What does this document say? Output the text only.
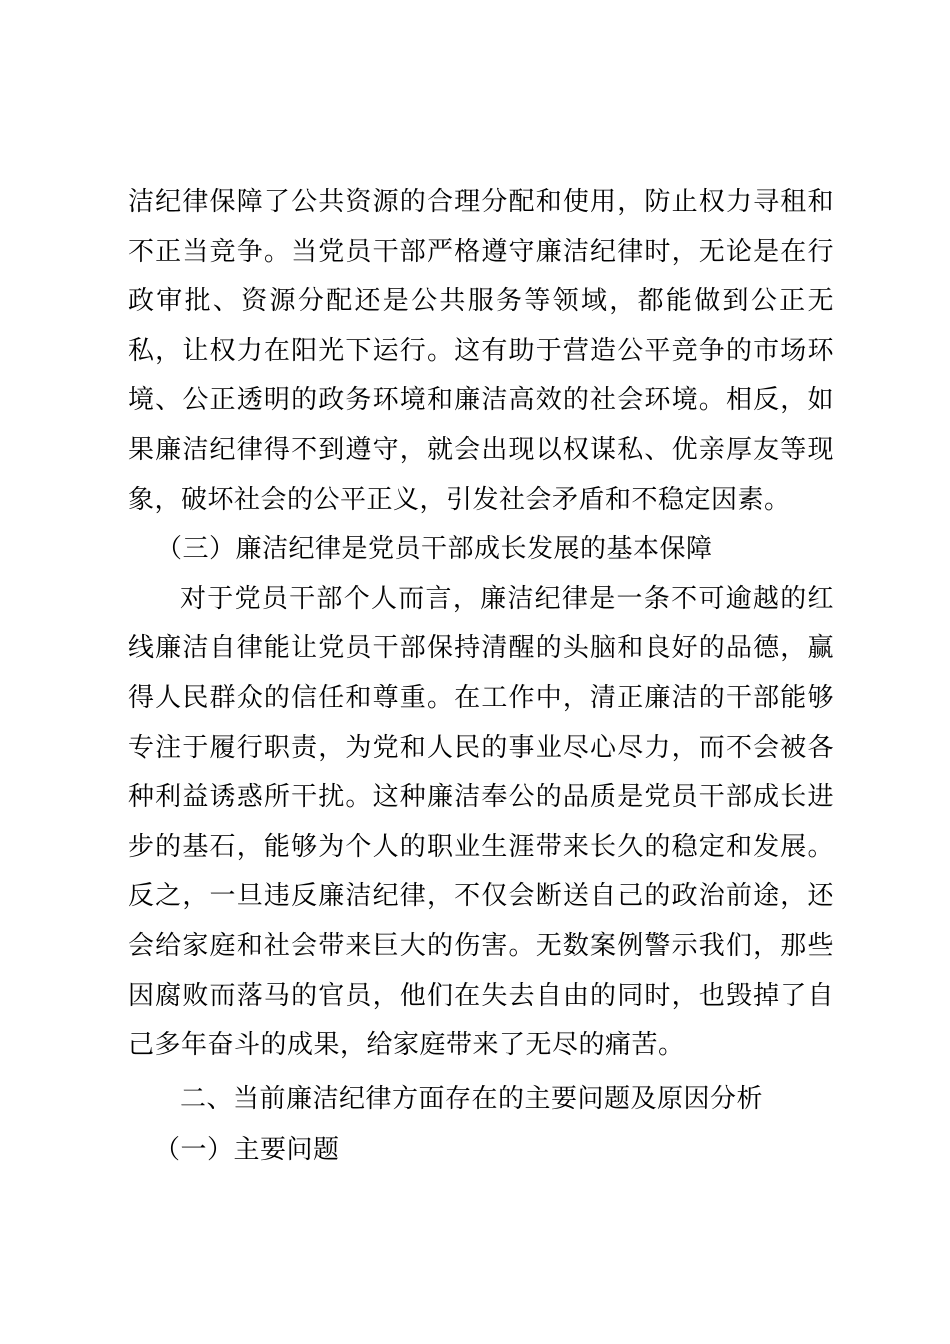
洁纪律保障了公共资源的合理分配和使用，防止权力寻租和不正当竞争。当党员干部严格遵守廉洁纪律时，无论是在行政审批、资源分配还是公共服务等领域，都能做到公正无私，让权力在阳光下运行。这有助于营造公平竞争的市场环境、公正透明的政务环境和廉洁高效的社会环境。相反，如果廉洁纪律得不到遵守，就会出现以权谋私、优亲厚友等现象，破坏社会的公平正义，引发社会矛盾和不稳定因素。

（三）廉洁纪律是党员干部成长发展的基本保障

对于党员干部个人而言，廉洁纪律是一条不可逾越的红线廉洁自律能让党员干部保持清醒的头脑和良好的品德，赢得人民群众的信任和尊重。在工作中，清正廉洁的干部能够专注于履行职责，为党和人民的事业尽心尽力，而不会被各种利益诱惑所干扰。这种廉洁奉公的品质是党员干部成长进步的基石，能够为个人的职业生涯带来长久的稳定和发展。反之，一旦违反廉洁纪律，不仅会断送自己的政治前途，还会给家庭和社会带来巨大的伤害。无数案例警示我们，那些因腐败而落马的官员，他们在失去自由的同时，也毁掉了自己多年奋斗的成果，给家庭带来了无尽的痛苦。

二、当前廉洁纪律方面存在的主要问题及原因分析

（一）主要问题
